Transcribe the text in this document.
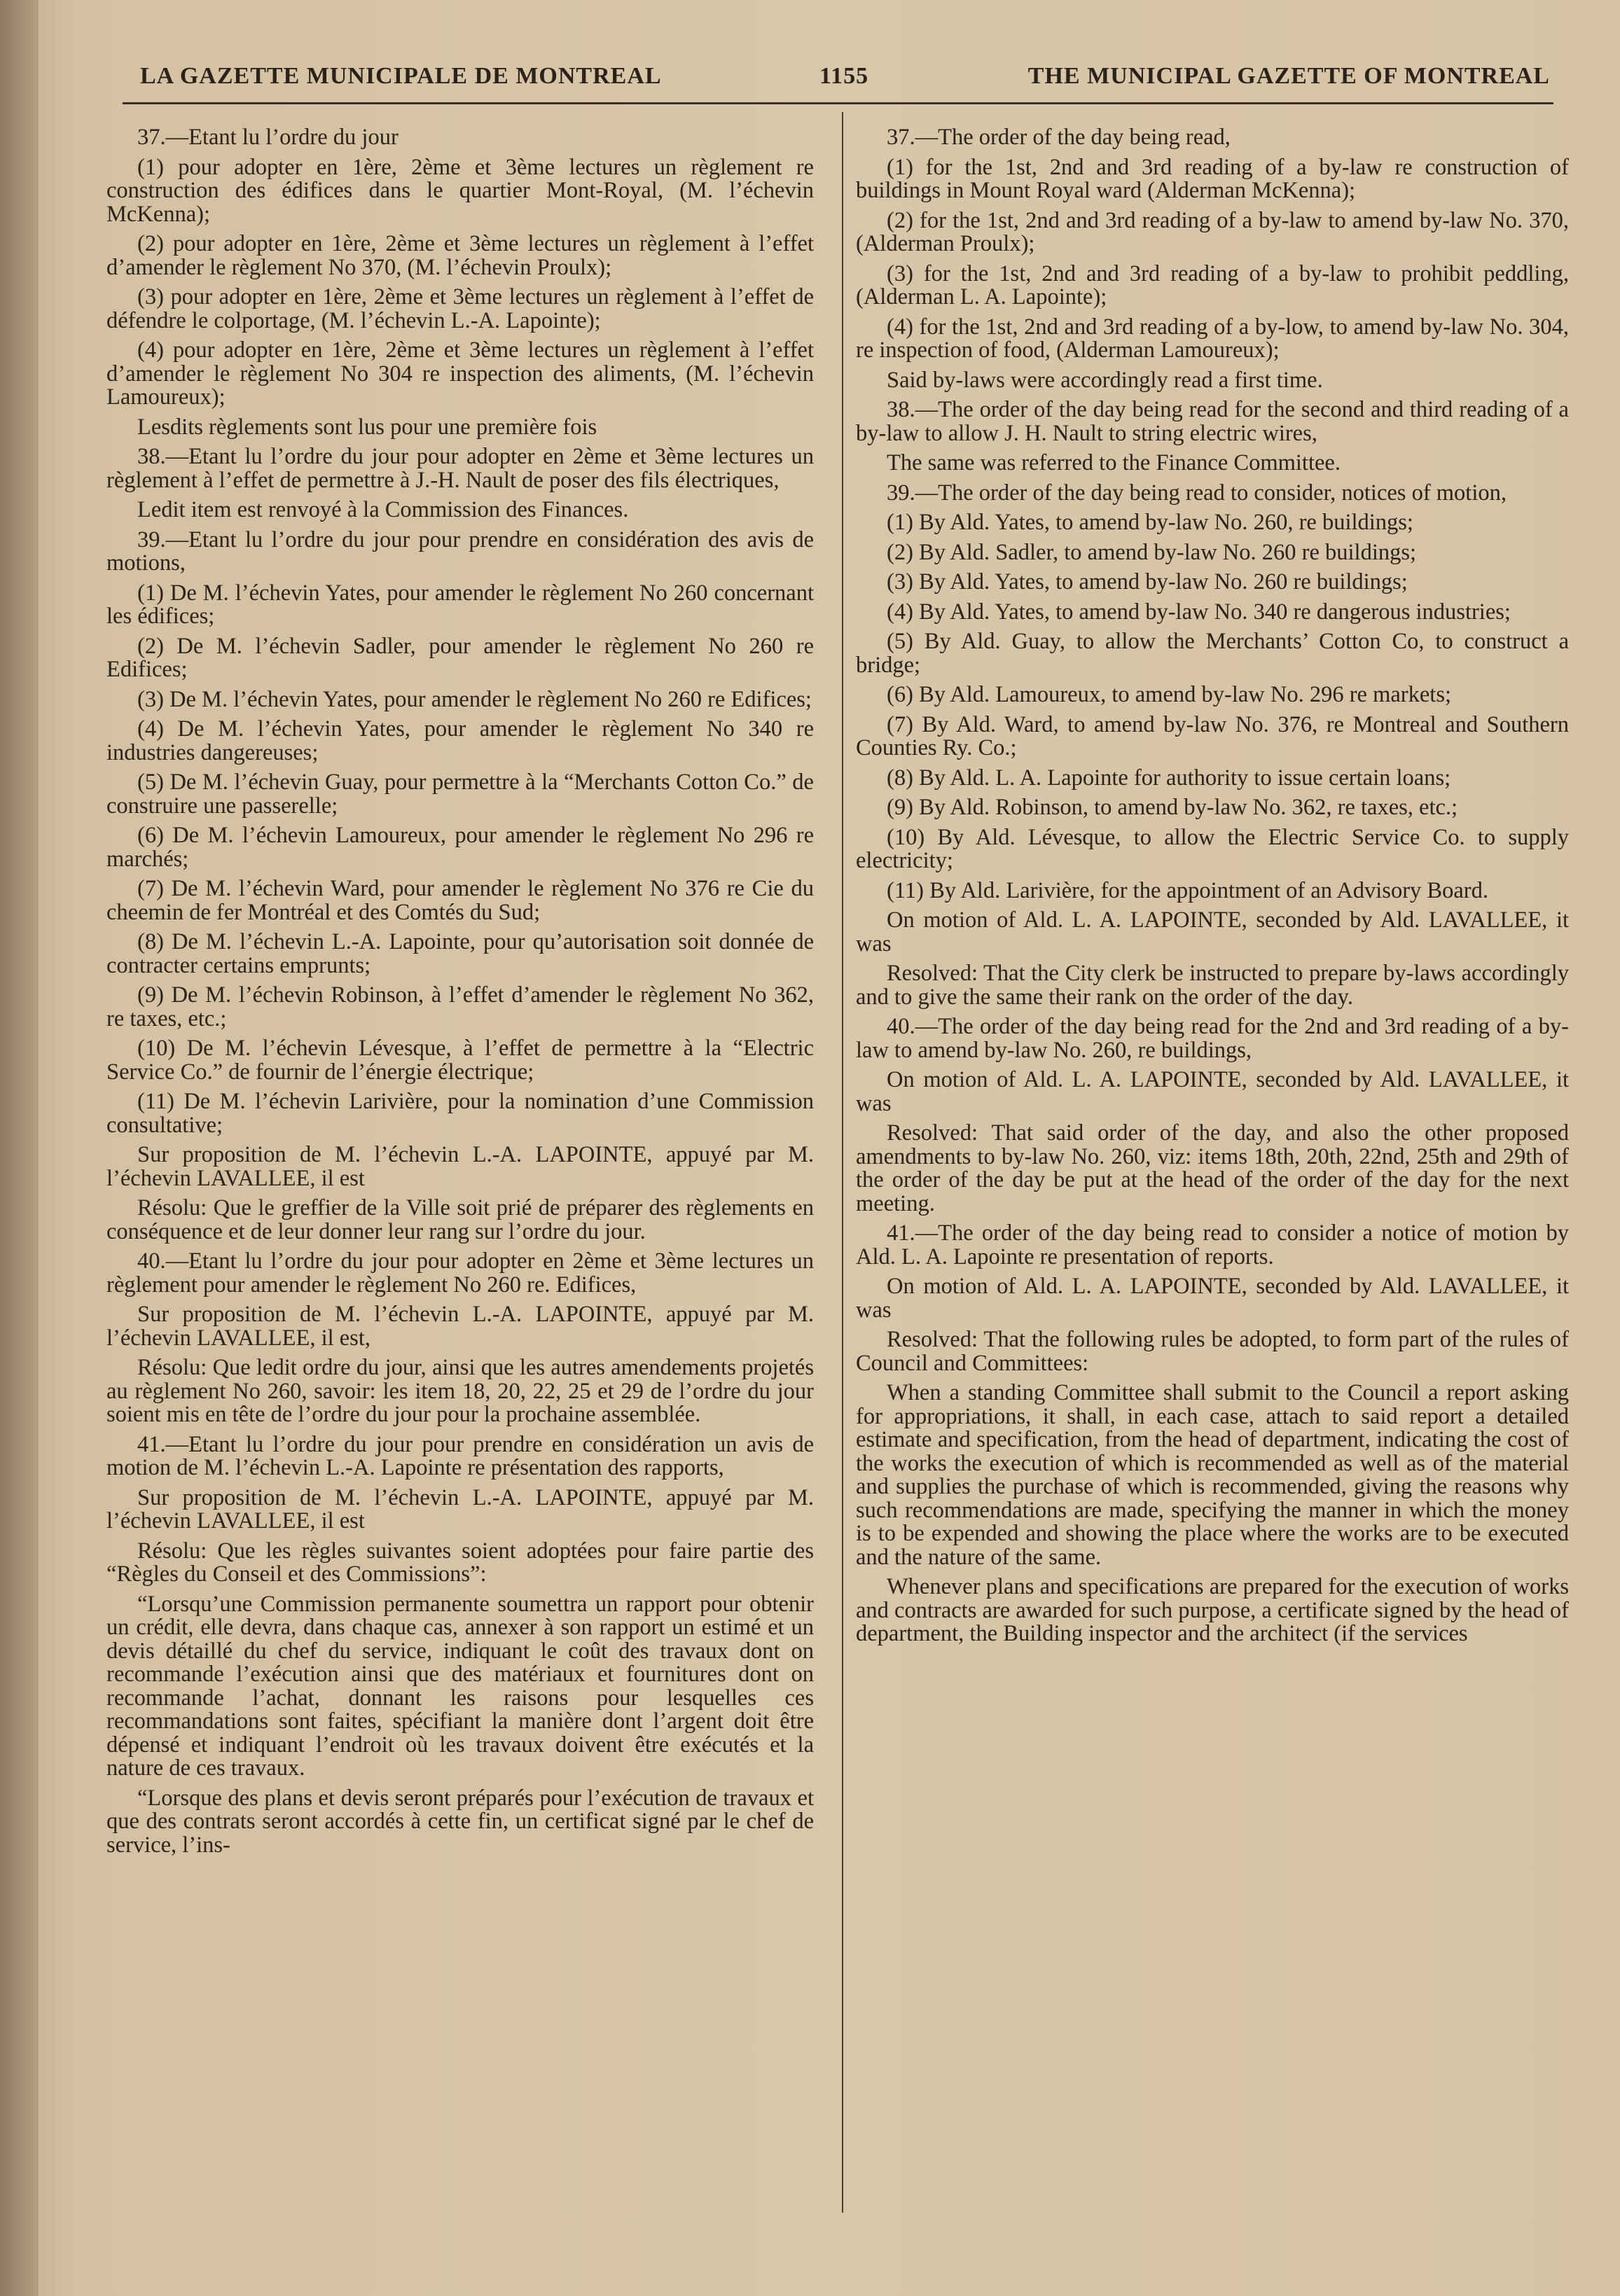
LA GAZETTE MUNICIPALE DE MONTREAL	1155	THE MUNICIPAL GAZETTE OF MONTREAL

37.—Etant lu l’ordre du jour

(1) pour adopter en 1ère, 2ème et 3ème lectures un règlement re construction des édifices dans le quartier Mont-Royal, (M. l’échevin McKenna);

(2) pour adopter en 1ère, 2ème et 3ème lectures un règlement à l’effet d’amender le règlement No 370, (M. l’échevin Proulx);

(3) pour adopter en 1ère, 2ème et 3ème lectures un règlement à l’effet de défendre le colportage, (M. l’échevin L.-A. Lapointe);

(4) pour adopter en 1ère, 2ème et 3ème lectures un règlement à l’effet d’amender le règlement No 304 re inspection des aliments, (M. l’échevin Lamoureux);

Lesdits règlements sont lus pour une première fois

38.—Etant lu l’ordre du jour pour adopter en 2ème et 3ème lectures un règlement à l’effet de permettre à J.-H. Nault de poser des fils électriques,

Ledit item est renvoyé à la Commission des Finances.

39.—Etant lu l’ordre du jour pour prendre en considération des avis de motions,

(1) De M. l’échevin Yates, pour amender le règlement No 260 concernant les édifices;

(2) De M. l’échevin Sadler, pour amender le règlement No 260 re Edifices;

(3) De M. l’échevin Yates, pour amender le règlement No 260 re Edifices;

(4) De M. l’échevin Yates, pour amender le règlement No 340 re industries dangereuses;

(5) De M. l’échevin Guay, pour permettre à la “Merchants Cotton Co.” de construire une passerelle;

(6) De M. l’échevin Lamoureux, pour amender le règlement No 296 re marchés;

(7) De M. l’échevin Ward, pour amender le règlement No 376 re Cie du cheemin de fer Montréal et des Comtés du Sud;

(8) De M. l’échevin L.-A. Lapointe, pour qu’autorisation soit donnée de contracter certains emprunts;

(9) De M. l’échevin Robinson, à l’effet d’amender le règlement No 362, re taxes, etc.;

(10) De M. l’échevin Lévesque, à l’effet de permettre à la “Electric Service Co.” de fournir de l’énergie électrique;

(11) De M. l’échevin Larivière, pour la nomination d’une Commission consultative;

Sur proposition de M. l’échevin L.-A. LAPOINTE, appuyé par M. l’échevin LAVALLEE, il est

Résolu: Que le greffier de la Ville soit prié de préparer des règlements en conséquence et de leur donner leur rang sur l’ordre du jour.

40.—Etant lu l’ordre du jour pour adopter en 2ème et 3ème lectures un règlement pour amender le règlement No 260 re. Edifices,

Sur proposition de M. l’échevin L.-A. LAPOINTE, appuyé par M. l’échevin LAVALLEE, il est,

Résolu: Que ledit ordre du jour, ainsi que les autres amendements projetés au règlement No 260, savoir: les item 18, 20, 22, 25 et 29 de l’ordre du jour soient mis en tête de l’ordre du jour pour la prochaine assemblée.

41.—Etant lu l’ordre du jour pour prendre en considération un avis de motion de M. l’échevin L.-A. Lapointe re présentation des rapports,

Sur proposition de M. l’échevin L.-A. LAPOINTE, appuyé par M. l’échevin LAVALLEE, il est

Résolu: Que les règles suivantes soient adoptées pour faire partie des “Règles du Conseil et des Commissions”:

“Lorsqu’une Commission permanente soumettra un rapport pour obtenir un crédit, elle devra, dans chaque cas, annexer à son rapport un estimé et un devis détaillé du chef du service, indiquant le coût des travaux dont on recommande l’exécution ainsi que des matériaux et fournitures dont on recommande l’achat, donnant les raisons pour lesquelles ces recommandations sont faites, spécifiant la manière dont l’argent doit être dépensé et indiquant l’endroit où les travaux doivent être exécutés et la nature de ces travaux.

“Lorsque des plans et devis seront préparés pour l’exécution de travaux et que des contrats seront accordés à cette fin, un certificat signé par le chef de service, l’ins-

37.—The order of the day being read,

(1) for the 1st, 2nd and 3rd reading of a by-law re construction of buildings in Mount Royal ward (Alderman McKenna);

(2) for the 1st, 2nd and 3rd reading of a by-law to amend by-law No. 370, (Alderman Proulx);

(3) for the 1st, 2nd and 3rd reading of a by-law to prohibit peddling, (Alderman L. A. Lapointe);

(4) for the 1st, 2nd and 3rd reading of a by-low, to amend by-law No. 304, re inspection of food, (Alderman Lamoureux);

Said by-laws were accordingly read a first time.

38.—The order of the day being read for the second and third reading of a by-law to allow J. H. Nault to string electric wires,

The same was referred to the Finance Committee.

39.—The order of the day being read to consider, notices of motion,

(1) By Ald. Yates, to amend by-law No. 260, re buildings;

(2) By Ald. Sadler, to amend by-law No. 260 re buildings;

(3) By Ald. Yates, to amend by-law No. 260 re buildings;

(4) By Ald. Yates, to amend by-law No. 340 re dangerous industries;

(5) By Ald. Guay, to allow the Merchants’ Cotton Co, to construct a bridge;

(6) By Ald. Lamoureux, to amend by-law No. 296 re markets;

(7) By Ald. Ward, to amend by-law No. 376, re Montreal and Southern Counties Ry. Co.;

(8) By Ald. L. A. Lapointe for authority to issue certain loans;

(9) By Ald. Robinson, to amend by-law No. 362, re taxes, etc.;

(10) By Ald. Lévesque, to allow the Electric Service Co. to supply electricity;

(11) By Ald. Larivière, for the appointment of an Advisory Board.

On motion of Ald. L. A. LAPOINTE, seconded by Ald. LAVALLEE, it was

Resolved: That the City clerk be instructed to prepare by-laws accordingly and to give the same their rank on the order of the day.

40.—The order of the day being read for the 2nd and 3rd reading of a by-law to amend by-law No. 260, re buildings,

On motion of Ald. L. A. LAPOINTE, seconded by Ald. LAVALLEE, it was

Resolved: That said order of the day, and also the other proposed amendments to by-law No. 260, viz: items 18th, 20th, 22nd, 25th and 29th of the order of the day be put at the head of the order of the day for the next meeting.

41.—The order of the day being read to consider a notice of motion by Ald. L. A. Lapointe re presentation of reports.

On motion of Ald. L. A. LAPOINTE, seconded by Ald. LAVALLEE, it was

Resolved: That the following rules be adopted, to form part of the rules of Council and Committees:

When a standing Committee shall submit to the Council a report asking for appropriations, it shall, in each case, attach to said report a detailed estimate and specification, from the head of department, indicating the cost of the works the execution of which is recommended as well as of the material and supplies the purchase of which is recommended, giving the reasons why such recommendations are made, specifying the manner in which the money is to be expended and showing the place where the works are to be executed and the nature of the same.

Whenever plans and specifications are prepared for the execution of works and contracts are awarded for such purpose, a certificate signed by the head of department, the Building inspector and the architect (if the services
